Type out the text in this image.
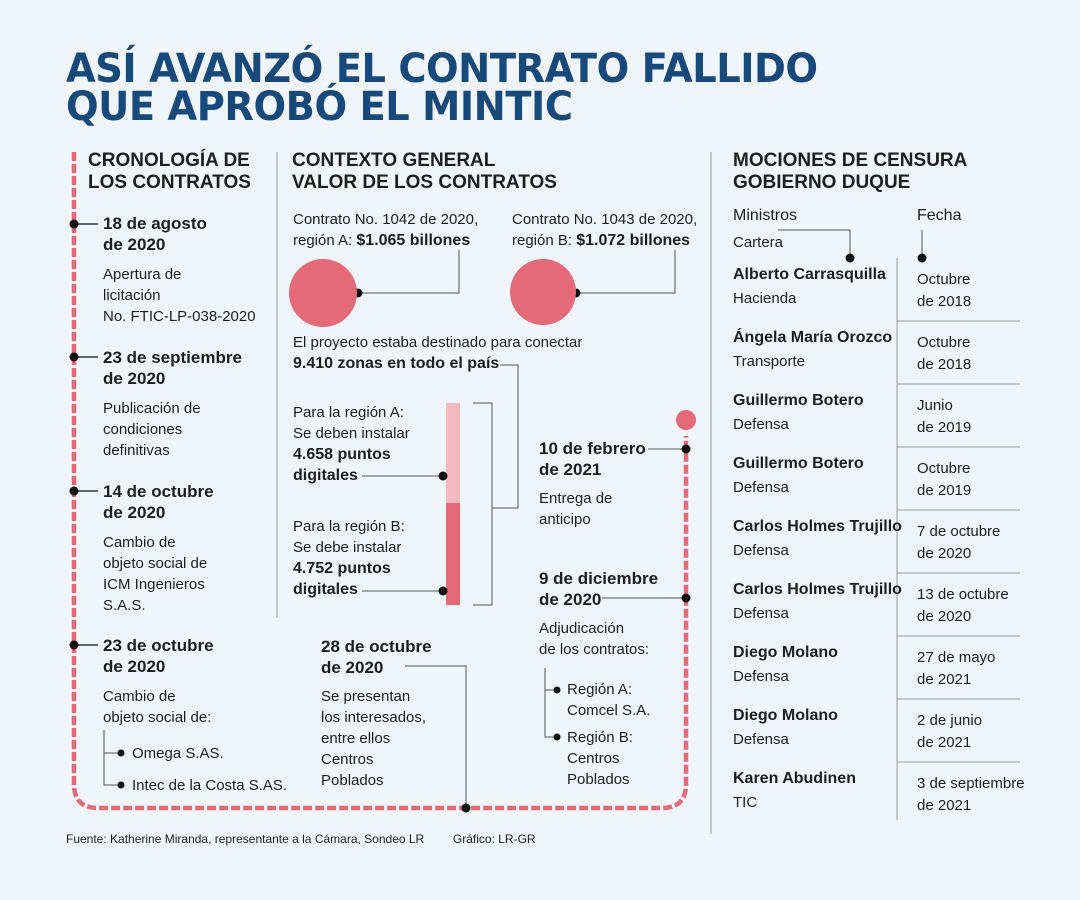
ASÍ AVANZÓ EL CONTRATO FALLIDO
QUE APROBÓ EL MINTIC
CRONOLOGÍA DE
LOS CONTRATOS
18 de agosto
de 2020
Apertura de
licitación
No. FTIC-LP-038-2020
23 de septiembre
de 2020
Publicación de
condiciones
definitivas
14 de octubre
de 2020
Cambio de
objeto social de
ICM Ingenieros
S.A.S.
23 de octubre
de 2020
Cambio de
objeto social de:
Omega S.AS.
Intec de la Costa S.AS.
CONTEXTO GENERAL
VALOR DE LOS CONTRATOS
Contrato No. 1042 de 2020,
región A: $1.065 billones
Contrato No. 1043 de 2020,
región B: $1.072 billones
El proyecto estaba destinado para conectar
9.410 zonas en todo el país
Para la región A:
Se deben instalar
4.658 puntos
digitales
Para la región B:
Se debe instalar
4.752 puntos
digitales
28 de octubre
de 2020
Se presentan
los interesados,
entre ellos
Centros
Poblados
10 de febrero
de 2021
Entrega de
anticipo
9 de diciembre
de 2020
Adjudicación
de los contratos:
Región A:
Comcel S.A.
Región B:
Centros
Poblados
MOCIONES DE CENSURA
GOBIERNO DUQUE
Ministros
Cartera
Fecha
Alberto Carrasquilla
Hacienda
Octubre
de 2018
Ángela María Orozco
Transporte
Octubre
de 2018
Guillermo Botero
Defensa
Junio
de 2019
Guillermo Botero
Defensa
Octubre
de 2019
Carlos Holmes Trujillo
Defensa
7 de octubre
de 2020
Carlos Holmes Trujillo
Defensa
13 de octubre
de 2020
Diego Molano
Defensa
27 de mayo
de 2021
Diego Molano
Defensa
2 de junio
de 2021
Karen Abudinen
TIC
3 de septiembre
de 2021
Fuente: Katherine Miranda, representante a la Cámara, Sondeo LR Gráfico: LR-GR
